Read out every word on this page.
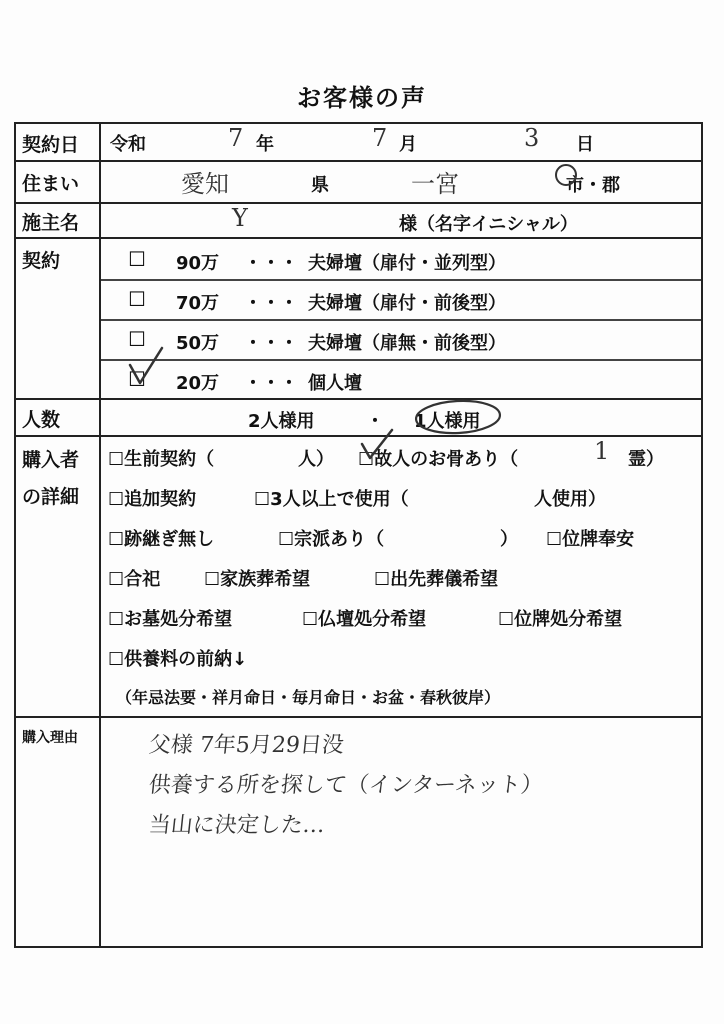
お客様の声
契約日 令和	7 年	7 月	3 日
住まい	愛知	県	一宮	市・郡
施主名	Y	様（名字イニシャル）
契約	☐ 90万 ・・・ 夫婦壇（扉付・並列型）
☐ 70万 ・・・ 夫婦壇（扉付・前後型）
☐ 50万 ・・・ 夫婦壇（扉無・前後型）
☐ 20万 ・・・ 個人壇
人数	2人様用	・ 1人様用
購入者
の詳細
☐生前契約（	人） ☐故人のお骨あり（	1 霊）
☐追加契約	☐3人以上で使用（	人使用）
☐跡継ぎ無し	☐宗派あり（	） ☐位牌奉安
☐合祀 ☐家族葬希望	☐出先葬儀希望
☐お墓処分希望	☐仏壇処分希望	☐位牌処分希望
☐供養料の前納↓
（年忌法要・祥月命日・毎月命日・お盆・春秋彼岸）
購入理由	父様 7年5月29日没
供養する所を探して（インターネット）
当山に決定した…
